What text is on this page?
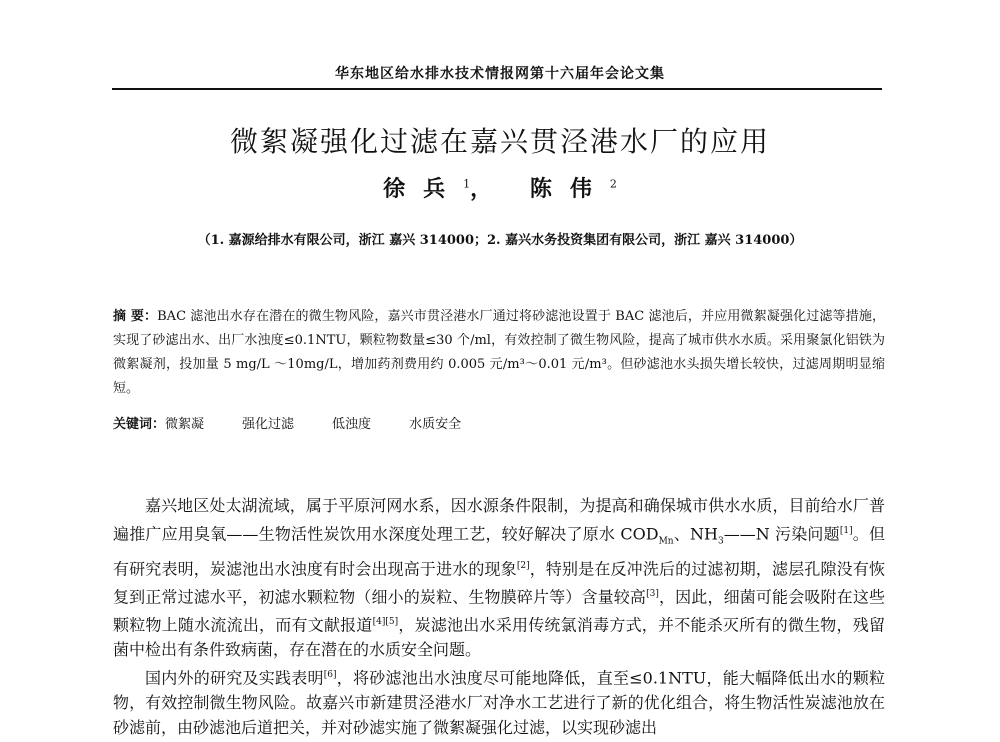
华东地区给水排水技术情报网第十六届年会论文集
微絮凝强化过滤在嘉兴贯泾港水厂的应用
徐兵$^1$， 陈伟$^2$
（1. 嘉源给排水有限公司，浙江 嘉兴 314000；2. 嘉兴水务投资集团有限公司，浙江 嘉兴 314000）
摘 要：BAC 滤池出水存在潜在的微生物风险，嘉兴市贯泾港水厂通过将砂滤池设置于 BAC 滤池后，并应用微絮凝强化过滤等措施，实现了砂滤出水、出厂水浊度≤0.1NTU，颗粒物数量≤30 个/ml，有效控制了微生物风险，提高了城市供水水质。采用聚氯化铝铁为微絮凝剂，投加量 5 mg/L ～10mg/L，增加药剂费用约 0.005 元/m³～0.01 元/m³。但砂滤池水头损失增长较快，过滤周期明显缩短。
关键词：微絮凝	强化过滤	低浊度	水质安全

嘉兴地区处太湖流域，属于平原河网水系，因水源条件限制，为提高和确保城市供水水质，目前给水厂普遍推广应用臭氧——生物活性炭饮用水深度处理工艺，较好解决了原水 $COD_{Mn}$、$NH_3——N$ 污染问题[1]。但有研究表明，炭滤池出水浊度有时会出现高于进水的现象[2]，特别是在反冲洗后的过滤初期，滤层孔隙没有恢复到正常过滤水平，初滤水颗粒物（细小的炭粒、生物膜碎片等）含量较高[3]，因此，细菌可能会吸附在这些颗粒物上随水流流出，而有文献报道[4][5]，炭滤池出水采用传统氯消毒方式，并不能杀灭所有的微生物，残留菌中检出有条件致病菌，存在潜在的水质安全问题。

国内外的研究及实践表明[6]，将砂滤池出水浊度尽可能地降低，直至≤0.1NTU，能大幅降低出水的颗粒物，有效控制微生物风险。故嘉兴市新建贯泾港水厂对净水工艺进行了新的优化组合，将生物活性炭滤池放在砂滤前，由砂滤池后道把关，并对砂滤实施了微絮凝强化过滤，以实现砂滤出
